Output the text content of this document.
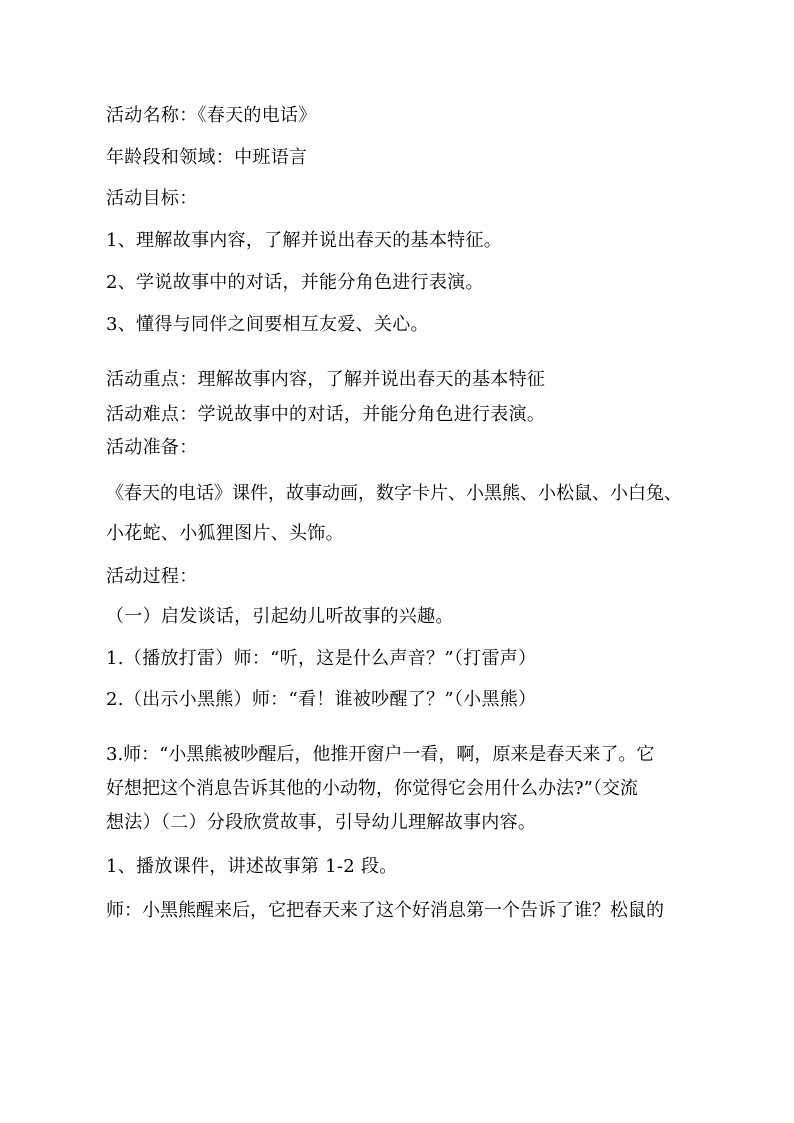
活动名称：《春天的电话》
年龄段和领域：中班语言
活动目标：
1、理解故事内容，了解并说出春天的基本特征。
2、学说故事中的对话，并能分角色进行表演。
3、懂得与同伴之间要相互友爱、关心。
活动重点：理解故事内容，了解并说出春天的基本特征
活动难点：学说故事中的对话，并能分角色进行表演。
活动准备：
《春天的电话》课件，故事动画，数字卡片、小黑熊、小松鼠、小白兔、
小花蛇、小狐狸图片、头饰。
活动过程：
（一）启发谈话，引起幼儿听故事的兴趣。
1.（播放打雷）师：“听，这是什么声音？”（打雷声）
2.（出示小黑熊）师：“看！谁被吵醒了？”（小黑熊）
3.师：“小黑熊被吵醒后，他推开窗户一看，啊，原来是春天来了。它
好想把这个消息告诉其他的小动物，你觉得它会用什么办法?”（交流
想法）（二）分段欣赏故事，引导幼儿理解故事内容。
1、播放课件，讲述故事第 1-2 段。
师：小黑熊醒来后，它把春天来了这个好消息第一个告诉了谁？松鼠的
